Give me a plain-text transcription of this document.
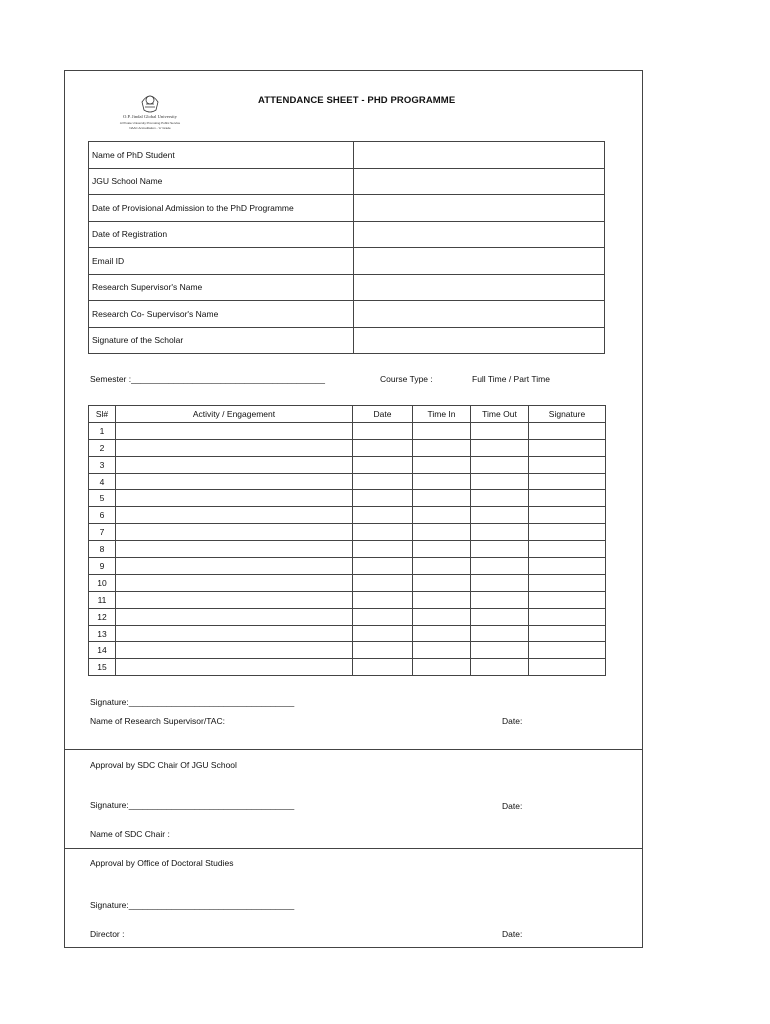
O.P. Jindal Global University
A Private University Promoting Public Service
NAAC Accreditation - 'A' Grade
ATTENDANCE SHEET - PHD PROGRAMME
Name of PhD Student	
JGU School Name	
Date of Provisional Admission to the PhD Programme	
Date of Registration	
Email ID	
Research Supervisor's Name	
Research Co- Supervisor's Name	
Signature of the Scholar	
Semester :_________________________________________	Course Type :	Full Time / Part Time
Sl#	Activity / Engagement	Date	Time In	Time Out	Signature
1					
2					
3					
4					
5					
6					
7					
8					
9					
10					
11					
12					
13					
14					
15					
Signature:___________________________________
Name of Research Supervisor/TAC:	Date:
Approval by SDC Chair Of JGU School
Signature:___________________________________	Date:
Name of SDC Chair :
Approval by Office of Doctoral Studies
Signature:___________________________________
Director :	Date:
